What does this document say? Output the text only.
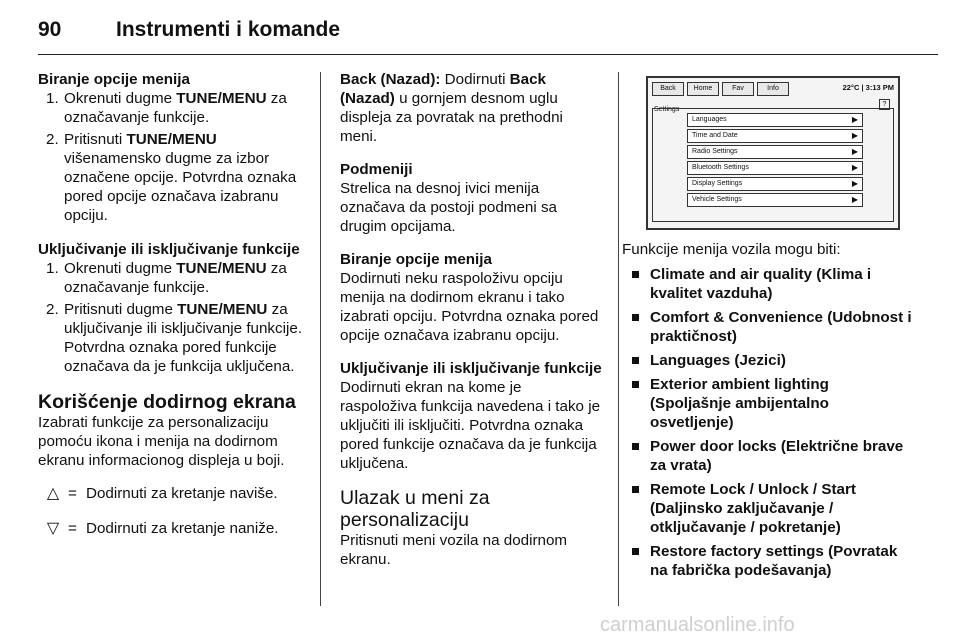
90	Instrumenti i komande
Biranje opcije menija
1. Okrenuti dugme TUNE/MENU za označavanje funkcije.
2. Pritisnuti TUNE/MENU višenamensko dugme za izbor označene opcije. Potvrdna oznaka pored opcije označava izabranu opciju.
Uključivanje ili isključivanje funkcije
1. Okrenuti dugme TUNE/MENU za označavanje funkcije.
2. Pritisnuti dugme TUNE/MENU za uključivanje ili isključivanje funkcije. Potvrdna oznaka pored funkcije označava da je funkcija uključena.
Korišćenje dodirnog ekrana
Izabrati funkcije za personalizaciju pomoću ikona i menija na dodirnom ekranu informacionog displeja u boji.
△ = Dodirnuti za kretanje naviše.
▽ = Dodirnuti za kretanje naniže.
Back (Nazad): Dodirnuti Back (Nazad) u gornjem desnom uglu displeja za povratak na prethodni meni.
Podmeniji
Strelica na desnoj ivici menija označava da postoji podmeni sa drugim opcijama.
Biranje opcije menija
Dodirnuti neku raspoloživu opciju menija na dodirnom ekranu i tako izabrati opciju. Potvrdna oznaka pored opcije označava izabranu opciju.
Uključivanje ili isključivanje funkcije
Dodirnuti ekran na kome je raspoloživa funkcija navedena i tako je uključiti ili isključiti. Potvrdna oznaka pored funkcije označava da je funkcija uključena.
Ulazak u meni za personalizaciju
Pritisnuti meni vozila na dodirnom ekranu.
Back	Home	Fav	Info	22°C | 3:13 PM
Settings
?
Languages	▶
Time and Date	▶
Radio Settings	▶
Bluetooth Settings	▶
Display Settings	▶
Vehicle Settings	▶
Funkcije menija vozila mogu biti:
Climate and air quality (Klima i kvalitet vazduha)
Comfort & Convenience (Udobnost i praktičnost)
Languages (Jezici)
Exterior ambient lighting (Spoljašnje ambijentalno osvetljenje)
Power door locks (Električne brave za vrata)
Remote Lock / Unlock / Start (Daljinsko zaključavanje / otključavanje / pokretanje)
Restore factory settings (Povratak na fabrička podešavanja)
carmanualsonline.info
